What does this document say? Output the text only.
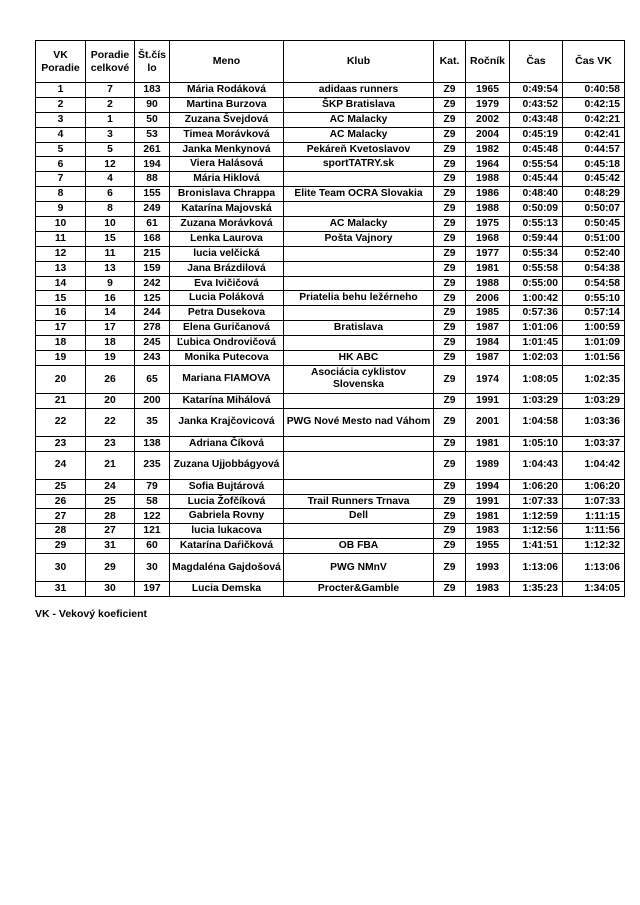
VK Poradie	Poradie celkové	Št.čís lo	Meno	Klub	Kat.	Ročník	Čas	Čas VK
1	7	183	Mária Rodáková	adidaas runners	Z9	1965	0:49:54	0:40:58
2	2	90	Martina Burzova	ŠKP Bratislava	Z9	1979	0:43:52	0:42:15
3	1	50	Zuzana Švejdová	AC Malacky	Z9	2002	0:43:48	0:42:21
4	3	53	Timea Morávková	AC Malacky	Z9	2004	0:45:19	0:42:41
5	5	261	Janka Menkynová	Pekáreň Kvetoslavov	Z9	1982	0:45:48	0:44:57
6	12	194	Viera Halásová	sportTATRY.sk	Z9	1964	0:55:54	0:45:18
7	4	88	Mária Hiklová		Z9	1988	0:45:44	0:45:42
8	6	155	Bronislava Chrappa	Elite Team OCRA Slovakia	Z9	1986	0:48:40	0:48:29
9	8	249	Katarína Majovská		Z9	1988	0:50:09	0:50:07
10	10	61	Zuzana Morávková	AC Malacky	Z9	1975	0:55:13	0:50:45
11	15	168	Lenka Laurova	Pošta Vajnory	Z9	1968	0:59:44	0:51:00
12	11	215	lucia velčická		Z9	1977	0:55:34	0:52:40
13	13	159	Jana Brázdilová		Z9	1981	0:55:58	0:54:38
14	9	242	Eva Ivičičová		Z9	1988	0:55:00	0:54:58
15	16	125	Lucia Poláková	Priatelia behu ležérneho	Z9	2006	1:00:42	0:55:10
16	14	244	Petra Dusekova		Z9	1985	0:57:36	0:57:14
17	17	278	Elena Guričanová	Bratislava	Z9	1987	1:01:06	1:00:59
18	18	245	Ľubica Ondrovičová		Z9	1984	1:01:45	1:01:09
19	19	243	Monika Putecova	HK ABC	Z9	1987	1:02:03	1:01:56
20	26	65	Mariana FIAMOVA	Asociácia cyklistov Slovenska	Z9	1974	1:08:05	1:02:35
21	20	200	Katarína Mihálová		Z9	1991	1:03:29	1:03:29
22	22	35	Janka Krajčovicová	PWG Nové Mesto nad Váhom	Z9	2001	1:04:58	1:03:36
23	23	138	Adriana Číková		Z9	1981	1:05:10	1:03:37
24	21	235	Zuzana Ujjobbágyová		Z9	1989	1:04:43	1:04:42
25	24	79	Sofia Bujtárová		Z9	1994	1:06:20	1:06:20
26	25	58	Lucia Žofčíková	Trail Runners Trnava	Z9	1991	1:07:33	1:07:33
27	28	122	Gabriela Rovny	Dell	Z9	1981	1:12:59	1:11:15
28	27	121	lucia lukacova		Z9	1983	1:12:56	1:11:56
29	31	60	Katarína Daŕičková	OB FBA	Z9	1955	1:41:51	1:12:32
30	29	30	Magdaléna Gajdošová	PWG NMnV	Z9	1993	1:13:06	1:13:06
31	30	197	Lucia Demska	Procter&Gamble	Z9	1983	1:35:23	1:34:05
VK - Vekový koeficient
